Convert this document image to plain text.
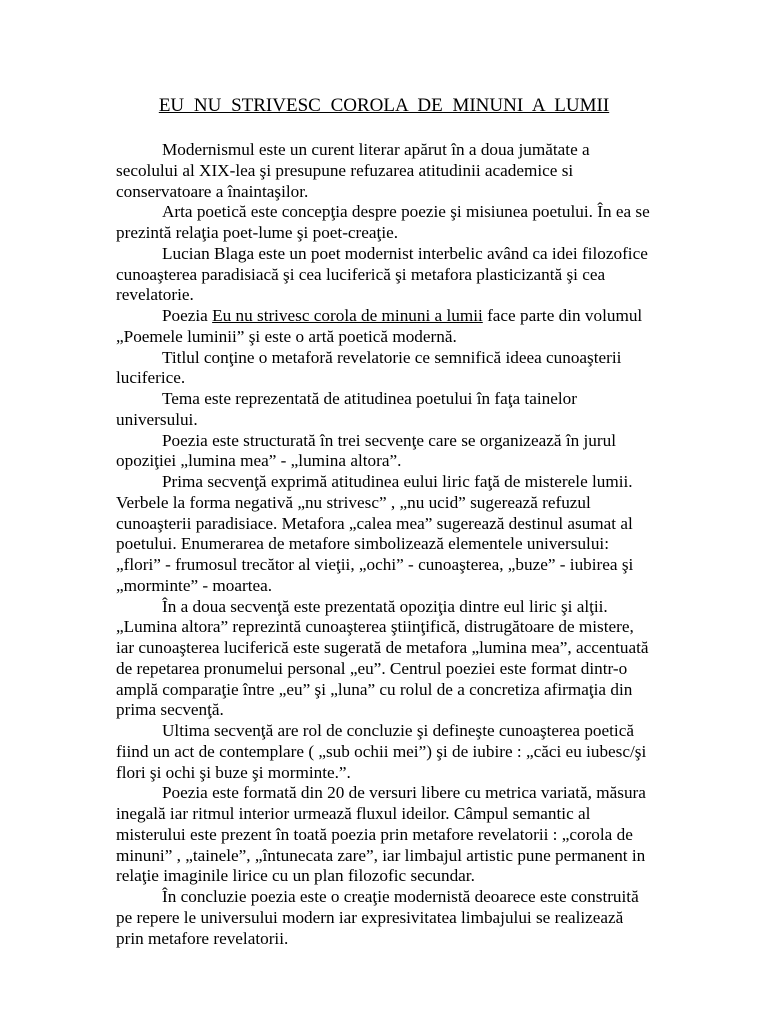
EU NU STRIVESC COROLA DE MINUNI A LUMII

Modernismul este un curent literar apărut în a doua jumătate a secolului al XIX-lea şi presupune refuzarea atitudinii academice si conservatoare a înaintaşilor.

Arta poetică este concepţia despre poezie şi misiunea poetului. În ea se prezintă relaţia poet-lume şi poet-creaţie.

Lucian Blaga este un poet modernist interbelic având ca idei filozofice cunoaşterea paradisiacă şi cea luciferică şi metafora plasticizantă şi cea revelatorie.

Poezia Eu nu strivesc corola de minuni a lumii face parte din volumul „Poemele luminii” şi este o artă poetică modernă.

Titlul conţine o metaforă revelatorie ce semnifică ideea cunoaşterii luciferice.

Tema este reprezentată de atitudinea poetului în faţa tainelor universului.

Poezia este structurată în trei secvenţe care se organizează în jurul opoziţiei „lumina mea” - „lumina altora”.

Prima secvenţă exprimă atitudinea eului liric faţă de misterele lumii. Verbele la forma negativă „nu strivesc” , „nu ucid” sugerează refuzul cunoaşterii paradisiace. Metafora „calea mea” sugerează destinul asumat al poetului. Enumerarea de metafore simbolizează elementele universului: „flori” - frumosul trecător al vieţii, „ochi” - cunoaşterea, „buze” - iubirea şi „morminte” - moartea.

În a doua secvenţă este prezentată opoziţia dintre eul liric şi alţii. „Lumina altora” reprezintă cunoaşterea ştiinţifică, distrugătoare de mistere, iar cunoaşterea luciferică este sugerată de metafora „lumina mea”, accentuată de repetarea pronumelui personal „eu”. Centrul poeziei este format dintr-o amplă comparaţie între „eu” şi „luna” cu rolul de a concretiza afirmaţia din prima secvenţă.

Ultima secvenţă are rol de concluzie şi defineşte cunoaşterea poetică fiind un act de contemplare ( „sub ochii mei”) şi de iubire : „căci eu iubesc/şi flori şi ochi şi buze şi morminte.”.

Poezia este formată din 20 de versuri libere cu metrica variată, măsura inegală iar ritmul interior urmează fluxul ideilor. Câmpul semantic al misterului este prezent în toată poezia prin metafore revelatorii : „corola de minuni” , „tainele”, „întunecata zare”, iar limbajul artistic pune permanent in relaţie imaginile lirice cu un plan filozofic secundar.

În concluzie poezia este o creaţie modernistă deoarece este construită pe repere le universului modern iar expresivitatea limbajului se realizează prin metafore revelatorii.
